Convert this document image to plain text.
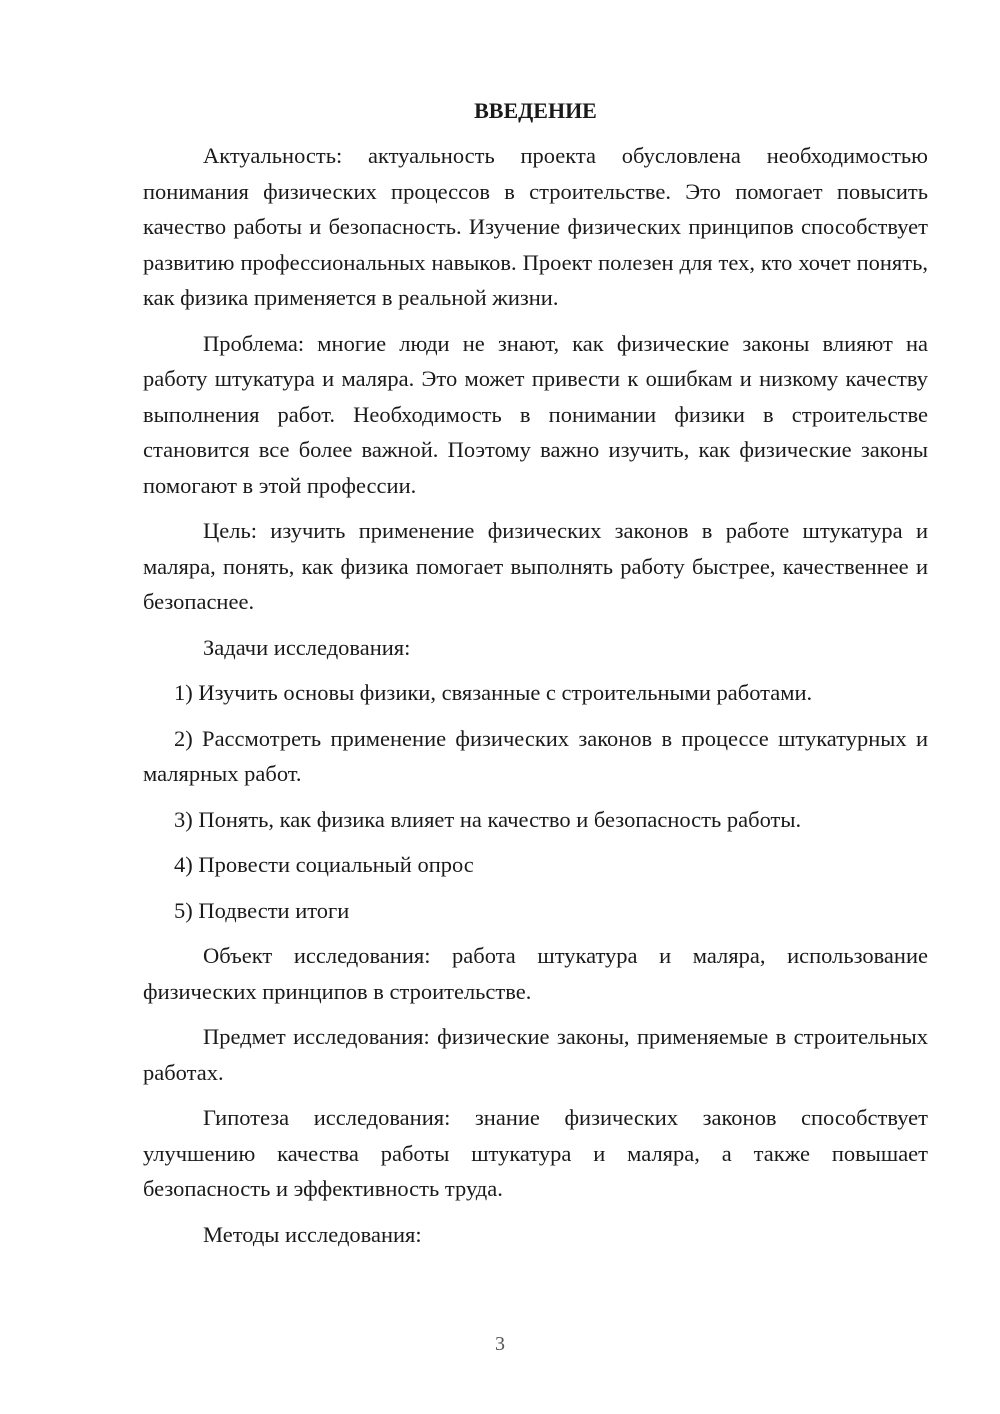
ВВЕДЕНИЕ

Актуальность: актуальность проекта обусловлена необходимостью понимания физических процессов в строительстве. Это помогает повысить качество работы и безопасность. Изучение физических принципов способствует развитию профессиональных навыков. Проект полезен для тех, кто хочет понять, как физика применяется в реальной жизни.

Проблема: многие люди не знают, как физические законы влияют на работу штукатура и маляра. Это может привести к ошибкам и низкому качеству выполнения работ. Необходимость в понимании физики в строительстве становится все более важной. Поэтому важно изучить, как физические законы помогают в этой профессии.

Цель: изучить применение физических законов в работе штукатура и маляра, понять, как физика помогает выполнять работу быстрее, качественнее и безопаснее.

Задачи исследования:

1) Изучить основы физики, связанные с строительными работами.

2) Рассмотреть применение физических законов в процессе штукатурных и малярных работ.

3) Понять, как физика влияет на качество и безопасность работы.

4) Провести социальный опрос

5) Подвести итоги

Объект исследования: работа штукатура и маляра, использование физических принципов в строительстве.

Предмет исследования: физические законы, применяемые в строительных работах.

Гипотеза исследования: знание физических законов способствует улучшению качества работы штукатура и маляра, а также повышает безопасность и эффективность труда.

Методы исследования:

3
